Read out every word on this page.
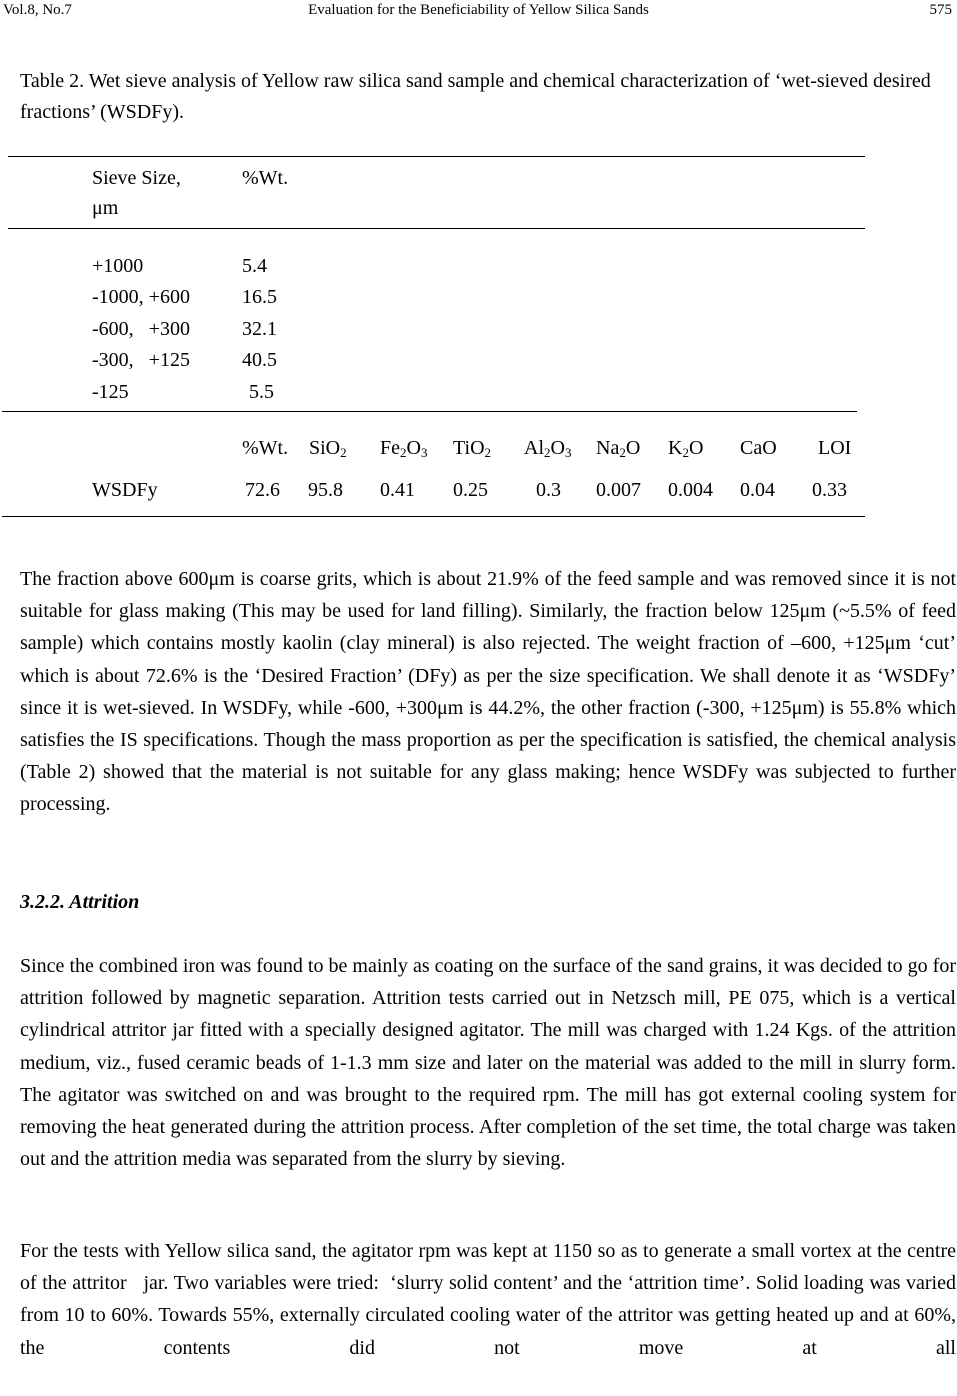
Vol.8, No.7	Evaluation for the Beneficiability of Yellow Silica Sands	575
Table 2. Wet sieve analysis of Yellow raw silica sand sample and chemical characterization of ‘wet-sieved desired fractions’ (WSDFy).
Sieve Size,
μm
%Wt.
+1000	5.4
-1000, +600	16.5
-600,   +300	32.1
-300,   +125	40.5
-125	5.5
%Wt. SiO$_2$ $Fe_2O_3$ TiO$_2$ $Al_2O_3$ $Na_2O$ $K_2O$ CaO LOI
WSDFy	72.6 95.8 0.41 0.25 0.3 0.007 0.004 0.04 0.33
The fraction above 600μm is coarse grits, which is about 21.9% of the feed sample and was removed since it is not suitable for glass making (This may be used for land filling). Similarly, the fraction below 125μm (~5.5% of feed sample) which contains mostly kaolin (clay mineral) is also rejected. The weight fraction of –600, +125μm ‘cut’ which is about 72.6% is the ‘Desired Fraction’ (DFy) as per the size specification. We shall denote it as ‘WSDFy’ since it is wet-sieved. In WSDFy, while -600, +300μm is 44.2%, the other fraction (-300, +125μm) is 55.8% which satisfies the IS specifications. Though the mass proportion as per the specification is satisfied, the chemical analysis (Table 2) showed that the material is not suitable for any glass making; hence WSDFy was subjected to further processing.
3.2.2. Attrition
Since the combined iron was found to be mainly as coating on the surface of the sand grains, it was decided to go for attrition followed by magnetic separation. Attrition tests carried out in Netzsch mill, PE 075, which is a vertical cylindrical attritor jar fitted with a specially designed agitator. The mill was charged with 1.24 Kgs. of the attrition medium, viz., fused ceramic beads of 1-1.3 mm size and later on the material was added to the mill in slurry form. The agitator was switched on and was brought to the required rpm. The mill has got external cooling system for removing the heat generated during the attrition process. After completion of the set time, the total charge was taken out and the attrition media was separated from the slurry by sieving.
For the tests with Yellow silica sand, the agitator rpm was kept at 1150 so as to generate a small vortex at the centre of the attritor   jar. Two variables were tried:  ‘slurry solid content’ and the ‘attrition time’. Solid loading was varied from 10 to 60%. Towards 55%, externally circulated cooling water of the attritor was getting heated up and at 60%, the contents did not move at all
